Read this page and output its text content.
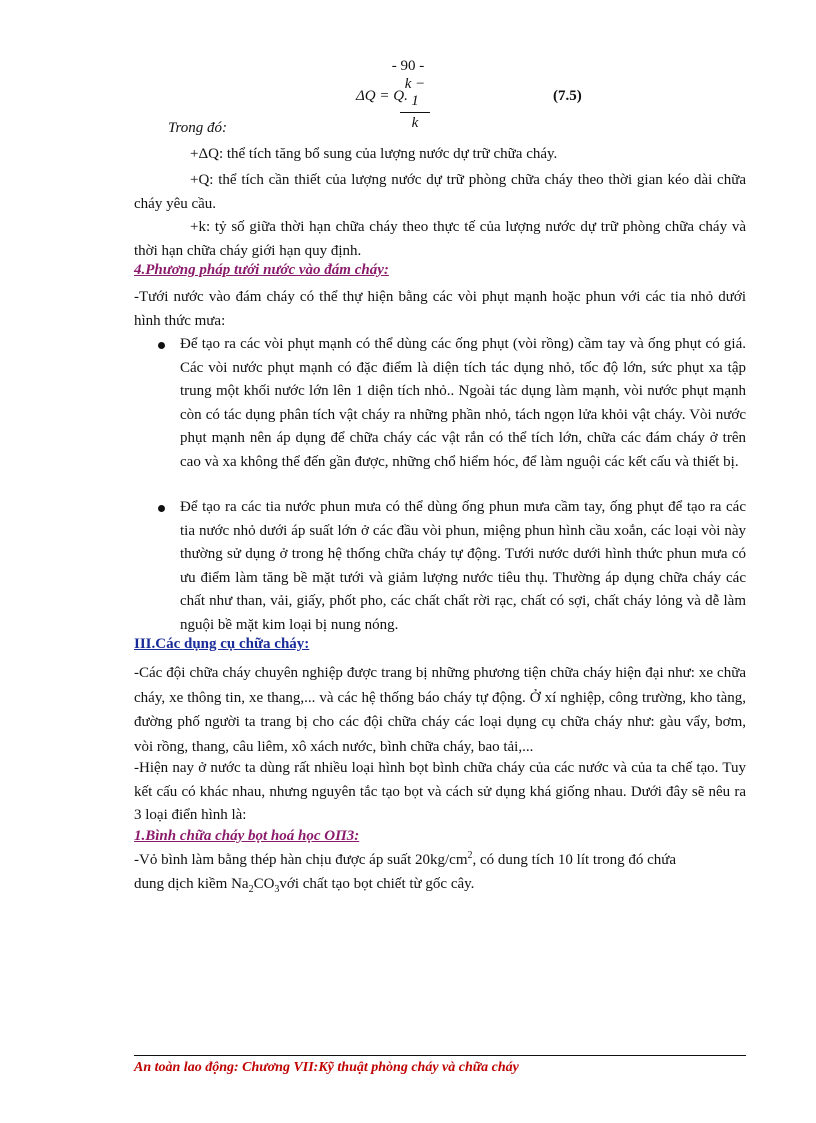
- 90 -
ΔQ = Q.
$\frac{k - 1}{k}$	(7.5)
Trong đó:
+ΔQ: thể tích tăng bổ sung của lượng nước dự trữ chữa cháy.
+Q: thể tích cần thiết của lượng nước dự trữ phòng chữa cháy theo thời gian kéo dài chữa cháy yêu cầu.
+k: tỷ số giữa thời hạn chữa cháy theo thực tế của lượng nước dự trữ phòng chữa cháy và thời hạn chữa cháy giới hạn quy định.
4.Phương pháp tưới nước vào đám cháy:
-Tưới nước vào đám cháy có thể thự hiện bằng các vòi phụt mạnh hoặc phun với các tia nhỏ dưới hình thức mưa:
Để tạo ra các vòi phụt mạnh có thể dùng các ống phụt (vòi rồng) cầm tay và ống phụt có giá. Các vòi nước phụt mạnh có đặc điểm là diện tích tác dụng nhỏ, tốc độ lớn, sức phụt xa tập trung một khối nước lớn lên 1 diện tích nhỏ.. Ngoài tác dụng làm mạnh, vòi nước phụt mạnh còn có tác dụng phân tích vật cháy ra những phần nhỏ, tách ngọn lửa khỏi vật cháy. Vòi nước phụt mạnh nên áp dụng để chữa cháy các vật rắn có thể tích lớn, chữa các đám cháy ở trên cao và xa không thể đến gần được, những chổ hiểm hóc, để làm nguội các kết cấu và thiết bị.
Để tạo ra các tia nước phun mưa có thể dùng ống phun mưa cầm tay, ống phụt để tạo ra các tia nước nhỏ dưới áp suất lớn ở các đầu vòi phun, miệng phun hình cầu xoắn, các loại vòi này thường sử dụng ở trong hệ thống chữa cháy tự động. Tưới nước dưới hình thức phun mưa có ưu điểm làm tăng bề mặt tưới và giảm lượng nước tiêu thụ. Thường áp dụng chữa cháy các chất như than, vải, giấy, phốt pho, các chất chất rời rạc, chất có sợi, chất cháy lỏng và dễ làm nguội bề mặt kim loại bị nung nóng.
III.Các dụng cụ chữa cháy:
-Các đội chữa cháy chuyên nghiệp được trang bị những phương tiện chữa cháy hiện đại như: xe chữa cháy, xe thông tin, xe thang,... và các hệ thống báo cháy tự động. Ở xí nghiệp, công trường, kho tàng, đường phố người ta trang bị cho các đội chữa cháy các loại dụng cụ chữa cháy như: gàu vẩy, bơm, vòi rồng, thang, câu liêm, xô xách nước, bình chữa cháy, bao tải,...
-Hiện nay ở nước ta dùng rất nhiều loại hình bọt bình chữa cháy của các nước và của ta chế tạo. Tuy kết cấu có khác nhau, nhưng nguyên tắc tạo bọt và cách sử dụng khá giống nhau. Dưới đây sẽ nêu ra 3 loại điển hình là:
1.Bình chữa cháy bọt hoá học ОП3:
-Vỏ bình làm bằng thép hàn chịu được áp suất $20kg/cm^2$, có dung tích 10 lít trong đó chứa
dung dịch kiềm $Na_2CO_3với$ chất tạo bọt chiết từ gốc cây.
An toàn lao động: Chương VII:Kỹ thuật phòng cháy và chữa cháy
